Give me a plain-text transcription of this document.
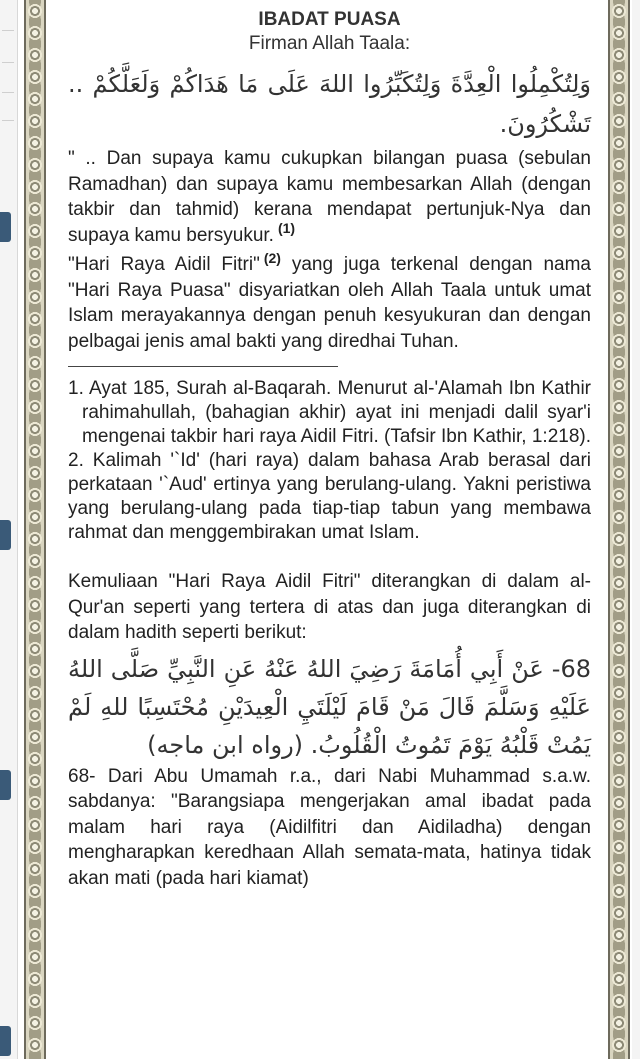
IBADAT PUASA
Firman Allah Taala:
وَلِتُكْمِلُوا الْعِدَّةَ وَلِتُكَبِّرُوا اللهَ عَلَى مَا هَدَاكُمْ وَلَعَلَّكُمْ .. تَشْكُرُونَ.

" .. Dan supaya kamu cukupkan bilangan puasa (sebulan Ramadhan) dan supaya kamu membesarkan Allah (dengan takbir dan tahmid) kerana mendapat pertunjuk-Nya dan supaya kamu bersyukur. $^{(1)}$

"Hari Raya Aidil Fitri" $^{(2)}$ yang juga terkenal dengan nama "Hari Raya Puasa" disyariatkan oleh Allah Taala untuk umat Islam merayakannya dengan penuh kesyukuran dan dengan pelbagai jenis amal bakti yang diredhai Tuhan.

1. Ayat 185, Surah al-Baqarah. Menurut al-'Alamah Ibn Kathir rahimahullah, (bahagian akhir) ayat ini menjadi dalil syar'i mengenai takbir hari raya Aidil Fitri. (Tafsir Ibn Kathir, 1:218).
2. Kalimah '`Id' (hari raya) dalam bahasa Arab berasal dari perkataan '`Aud' ertinya yang berulang-ulang. Yakni peristiwa yang berulang-ulang pada tiap-tiap tabun yang membawa rahmat dan menggembirakan umat Islam.

Kemuliaan "Hari Raya Aidil Fitri" diterangkan di dalam al-Qur'an seperti yang tertera di atas dan juga diterangkan di dalam hadith seperti berikut:

68- عَنْ أَبِي أُمَامَةَ رَضِيَ اللهُ عَنْهُ عَنِ النَّبِيِّ صَلَّى اللهُ عَلَيْهِ وَسَلَّمَ قَالَ مَنْ قَامَ لَيْلَتَيِ الْعِيدَيْنِ مُحْتَسِبًا للهِ لَمْ يَمُتْ قَلْبُهُ يَوْمَ تَمُوتُ الْقُلُوبُ. (رواه ابن ماجه)

68- Dari Abu Umamah r.a., dari Nabi Muhammad s.a.w. sabdanya: "Barangsiapa mengerjakan amal ibadat pada malam hari raya (Aidilfitri dan Aidiladha) dengan mengharapkan keredhaan Allah semata-mata, hatinya tidak akan mati (pada hari kiamat)
